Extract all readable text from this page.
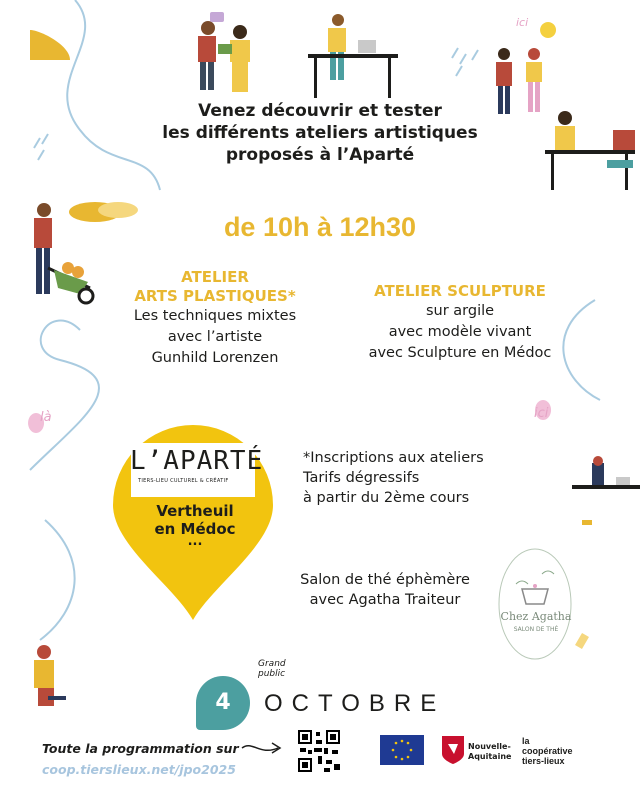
Venez découvrir et tester
les différents ateliers artistiques
proposés à l’Aparté
de 10h à 12h30
ATELIER
ARTS PLASTIQUES*
Les techniques mixtes
avec l’artiste
Gunhild Lorenzen
ATELIER SCULPTURE
sur argile
avec modèle vivant
avec Sculpture en Médoc
ici
là	ici
L’APARTÉ
TIERS-LIEU CULTUREL & CRÉATIF
Vertheuil
en Médoc
...
*Inscriptions aux ateliers
Tarifs dégressifs
à partir du 2ème cours
Salon de thé éphèmère
avec Agatha Traiteur
Chez Agatha
SALON DE THÉ
4
Grand
public
OCTOBRE
Toute la programmation sur
coop.tierslieux.net/jpo2025
Nouvelle-
Aquitaine
la
coopérative
tiers-lieux
